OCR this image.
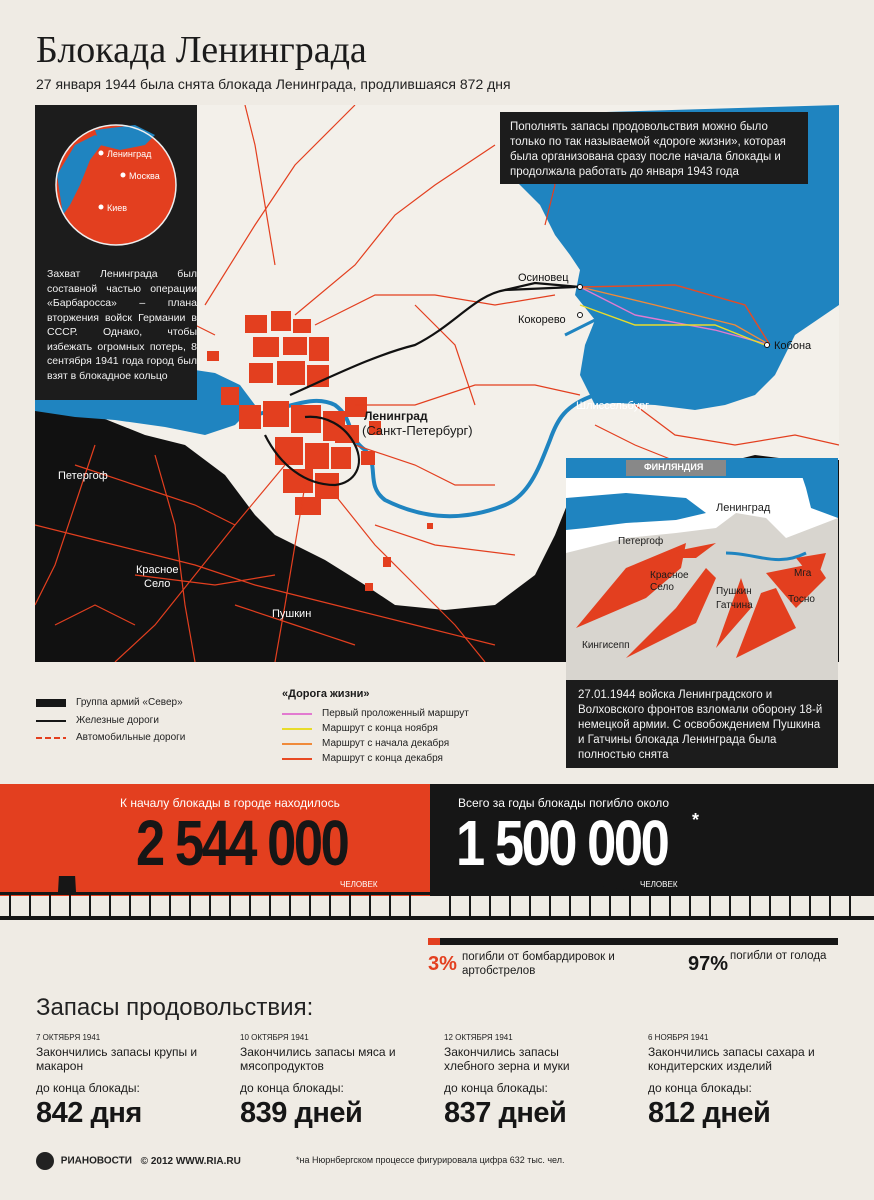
Блокада Ленинграда
27 января 1944 была снята блокада Ленинграда, продлившаяся 872 дня
Ленинград
Москва
Киев
Захват Ленинграда был составной частью операции «Барбаросса» – плана вторжения войск Германии в СССР. Однако, чтобы избежать огромных потерь, 8 сентября 1941 года город был взят в блокадное кольцо
Пополнять запасы продовольствия можно было только по так называемой «дороге жизни», которая была организована сразу после начала блокады и продолжала работать до января 1943 года
Осиновец
Кокорево
Кобона
Шлиссельбург
Ленинград
(Санкт-Петербург)
Петергоф
Красное
Село
Пушкин
ФИНЛЯНДИЯ
Ленинград
Петергоф
Красное Село	Пушкин
Гатчина
Мга
Тосно
Кингисепп
27.01.1944 войска Ленинградского и Волховского фронтов взломали оборону 18-й немецкой армии. С освобождением Пушкина и Гатчины блокада Ленинграда была полностью снята
Группа армий «Север»
Железные дороги
Автомобильные дороги
«Дорога жизни»
Первый проложенный маршрут
Маршрут с конца ноября
Маршрут с начала декабря
Маршрут с конца декабря
К началу блокады в городе находилось
2 544 000
ЧЕЛОВЕК
Всего за годы блокады погибло около
1 500 000 *
ЧЕЛОВЕК
3% погибли от бомбардировок и артобстрелов	97% погибли от голода
Запасы продовольствия:
7 ОКТЯБРЯ 1941
Закончились запасы крупы и макарон
до конца блокады:
842 дня
10 ОКТЯБРЯ 1941
Закончились запасы мяса и мясопродуктов
до конца блокады:
839 дней
12 ОКТЯБРЯ 1941
Закончились запасы хлебного зерна и муки
до конца блокады:
837 дней
6 НОЯБРЯ 1941
Закончились запасы сахара и кондитерских изделий
до конца блокады:
812 дней
РИАНОВОСТИ © 2012 WWW.RIA.RU	*на Нюрнбергском процессе фигурировала цифра 632 тыс. чел.
